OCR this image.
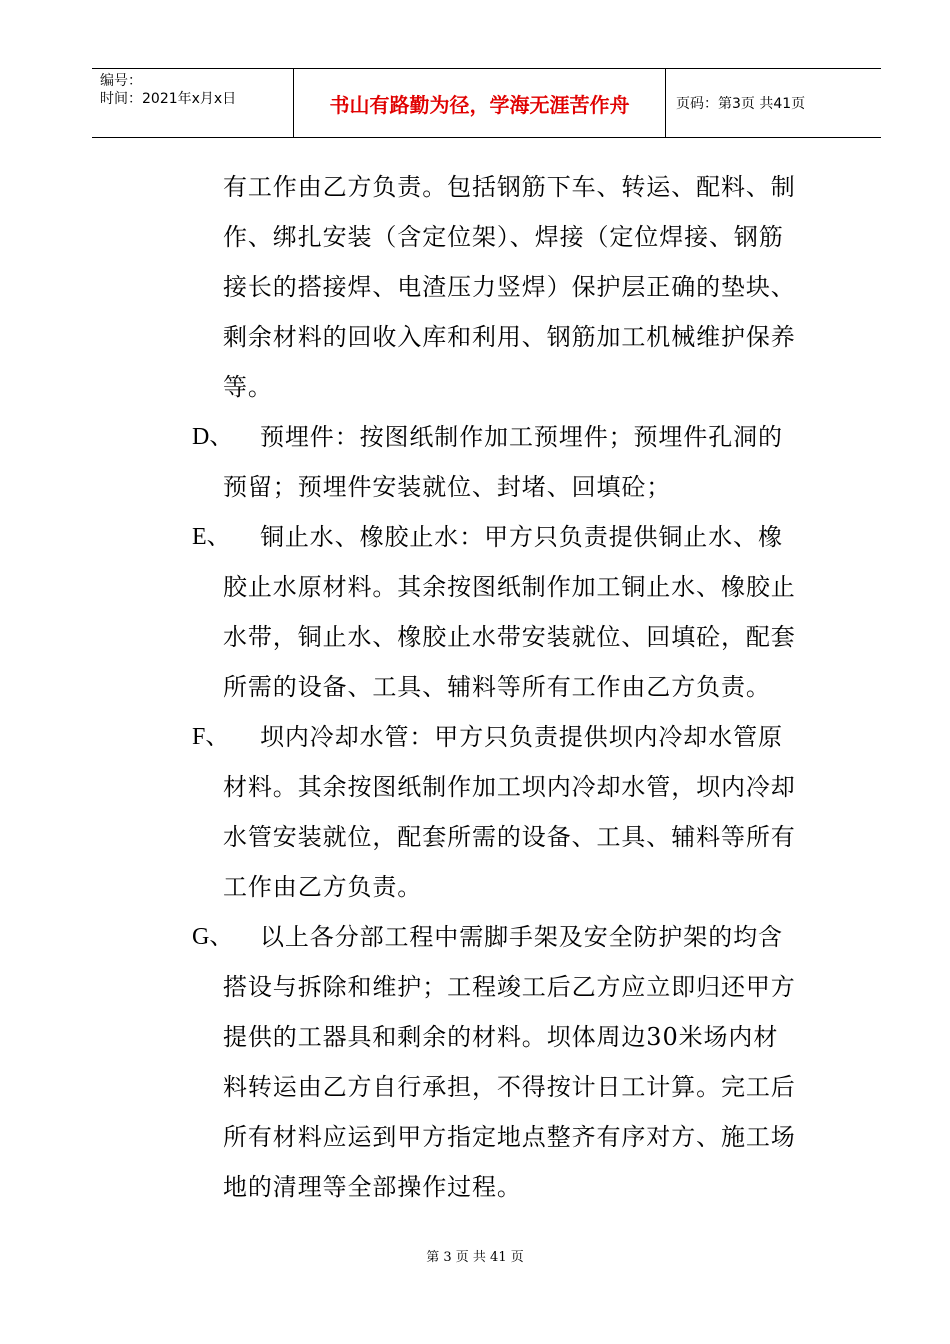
编号：
时间：2021年x月x日	书山有路勤为径，学海无涯苦作舟	页码：第3页 共41页
有工作由乙方负责。包括钢筋下车、转运、配料、制
作、绑扎安装（含定位架）、焊接（定位焊接、钢筋
接长的搭接焊、电渣压力竖焊）保护层正确的垫块、
剩余材料的回收入库和利用、钢筋加工机械维护保养
等。
D、 预埋件：按图纸制作加工预埋件；预埋件孔洞的
预留；预埋件安装就位、封堵、回填砼；
E、 铜止水、橡胶止水：甲方只负责提供铜止水、橡
胶止水原材料。其余按图纸制作加工铜止水、橡胶止
水带，铜止水、橡胶止水带安装就位、回填砼，配套
所需的设备、工具、辅料等所有工作由乙方负责。
F、 坝内冷却水管：甲方只负责提供坝内冷却水管原
材料。其余按图纸制作加工坝内冷却水管，坝内冷却
水管安装就位，配套所需的设备、工具、辅料等所有
工作由乙方负责。
G、 以上各分部工程中需脚手架及安全防护架的均含
搭设与拆除和维护；工程竣工后乙方应立即归还甲方
提供的工器具和剩余的材料。坝体周边30米场内材
料转运由乙方自行承担，不得按计日工计算。完工后
所有材料应运到甲方指定地点整齐有序对方、施工场
地的清理等全部操作过程。
第 3 页 共 41 页
